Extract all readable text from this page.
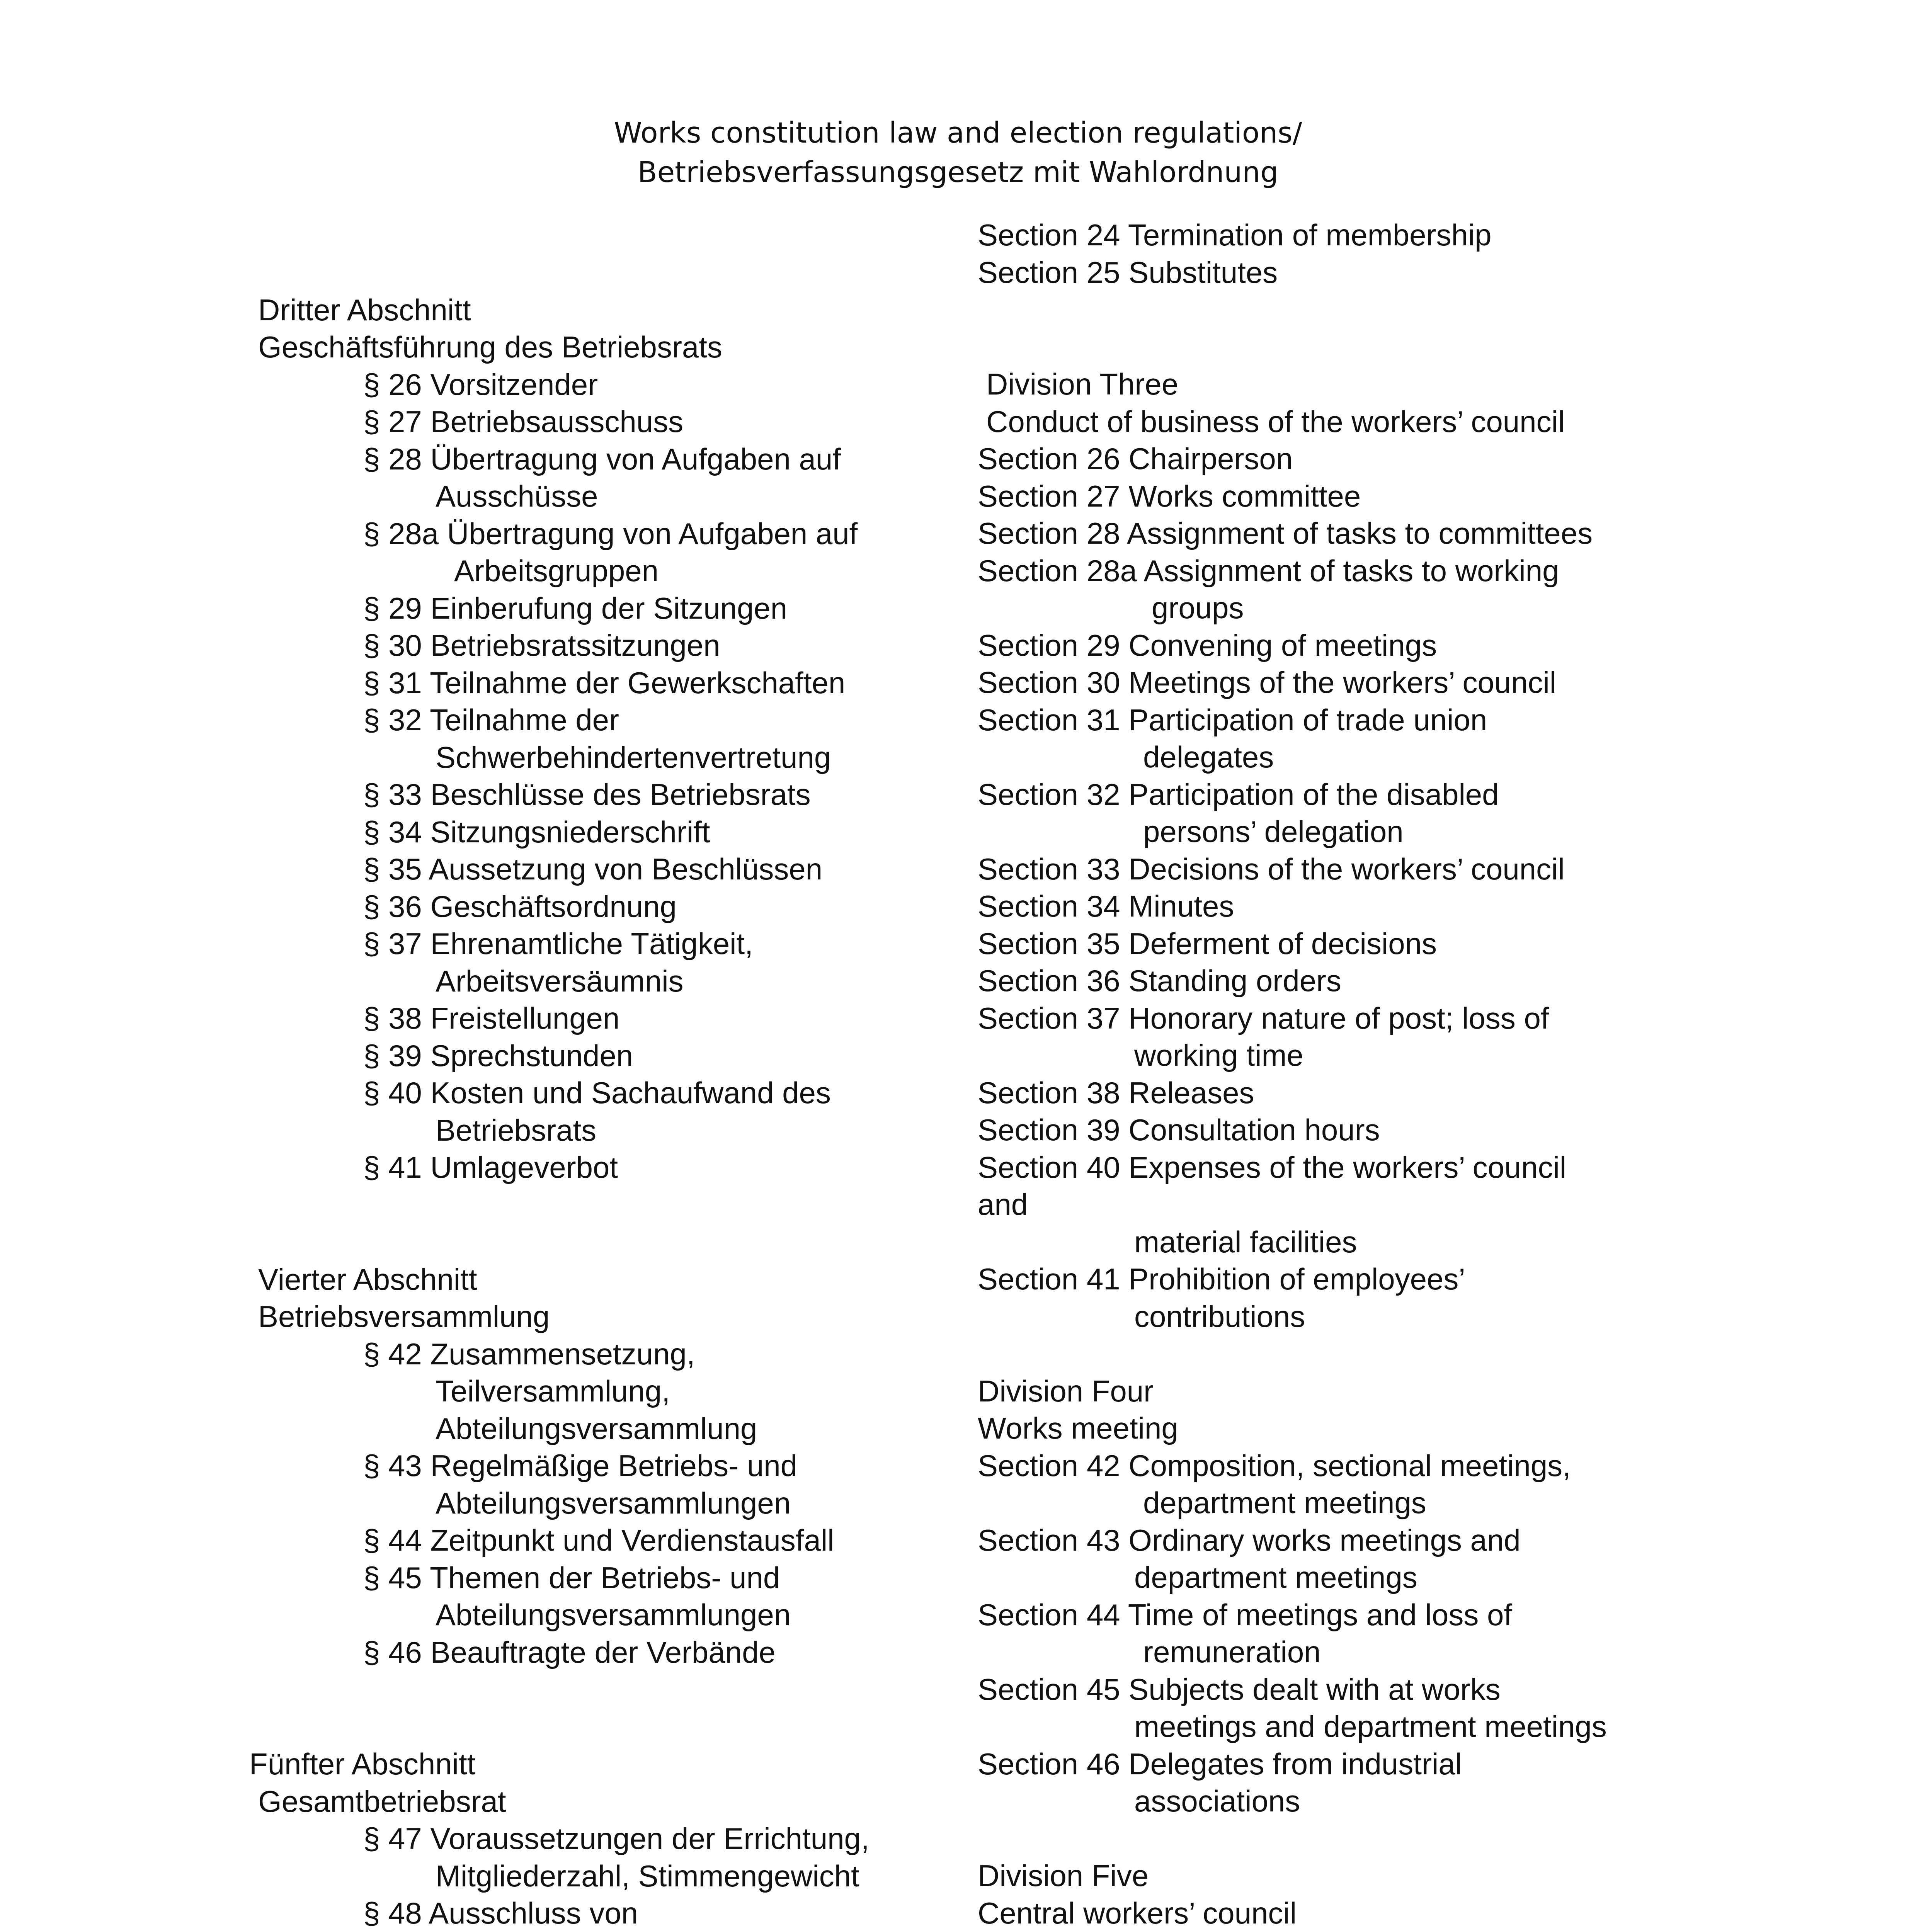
Works constitution law and election regulations/
Betriebsverfassungsgesetz mit Wahlordnung
Dritter Abschnitt
Geschäftsführung des Betriebsrats
§ 26 Vorsitzender
§ 27 Betriebsausschuss
§ 28 Übertragung von Aufgaben auf
Ausschüsse
§ 28a Übertragung von Aufgaben auf
Arbeitsgruppen
§ 29 Einberufung der Sitzungen
§ 30 Betriebsratssitzungen
§ 31 Teilnahme der Gewerkschaften
§ 32 Teilnahme der
Schwerbehindertenvertretung
§ 33 Beschlüsse des Betriebsrats
§ 34 Sitzungsniederschrift
§ 35 Aussetzung von Beschlüssen
§ 36 Geschäftsordnung
§ 37 Ehrenamtliche Tätigkeit,
Arbeitsversäumnis
§ 38 Freistellungen
§ 39 Sprechstunden
§ 40 Kosten und Sachaufwand des
Betriebsrats
§ 41 Umlageverbot
Vierter Abschnitt
Betriebsversammlung
§ 42 Zusammensetzung,
Teilversammlung,
Abteilungsversammlung
§ 43 Regelmäßige Betriebs- und
Abteilungsversammlungen
§ 44 Zeitpunkt und Verdienstausfall
§ 45 Themen der Betriebs- und
Abteilungsversammlungen
§ 46 Beauftragte der Verbände
Fünfter Abschnitt
Gesamtbetriebsrat
§ 47 Voraussetzungen der Errichtung,
Mitgliederzahl, Stimmengewicht
§ 48 Ausschluss von
Section 24 Termination of membership
Section 25 Substitutes
Division Three
Conduct of business of the workers’ council
Section 26 Chairperson
Section 27 Works committee
Section 28 Assignment of tasks to committees
Section 28a Assignment of tasks to working
groups
Section 29 Convening of meetings
Section 30 Meetings of the workers’ council
Section 31 Participation of trade union
delegates
Section 32 Participation of the disabled
persons’ delegation
Section 33 Decisions of the workers’ council
Section 34 Minutes
Section 35 Deferment of decisions
Section 36 Standing orders
Section 37 Honorary nature of post; loss of
working time
Section 38 Releases
Section 39 Consultation hours
Section 40 Expenses of the workers’ council
and
material facilities
Section 41 Prohibition of employees’
contributions
Division Four
Works meeting
Section 42 Composition, sectional meetings,
department meetings
Section 43 Ordinary works meetings and
department meetings
Section 44 Time of meetings and loss of
remuneration
Section 45 Subjects dealt with at works
meetings and department meetings
Section 46 Delegates from industrial
associations
Division Five
Central workers’ council
